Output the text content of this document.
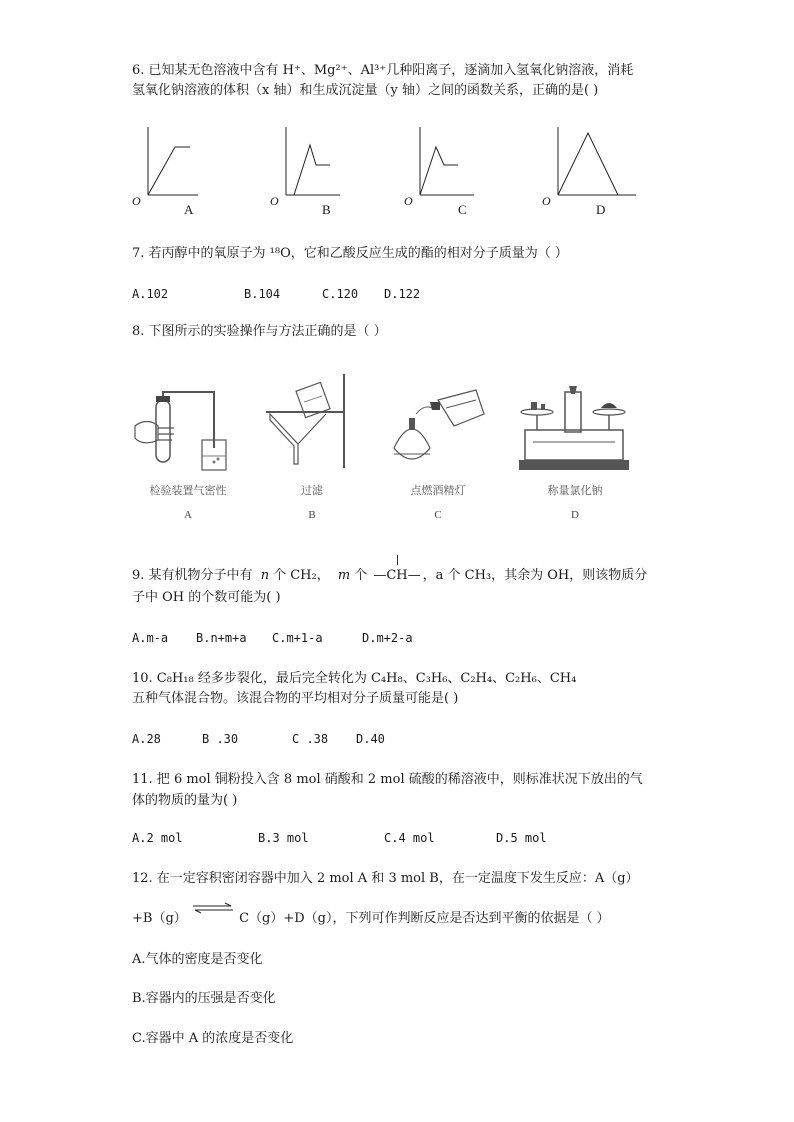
6. 已知某无色溶液中含有 H⁺、Mg²⁺、Al³⁺几种阳离子，逐滴加入氢氧化钠溶液，消耗
氢氧化钠溶液的体积（x 轴）和生成沉淀量（y 轴）之间的函数关系，正确的是( )
O
A
O
B
O
C
O
D
7. 若丙醇中的氧原子为 ¹⁸O，它和乙酸反应生成的酯的相对分子质量为（ ）
A.102	B.104	C.120 D.122
8. 下图所示的实验操作与方法正确的是（ ）
检验装置气密性
A
过滤
B
点燃酒精灯
C
称量氯化钠
D
9. 某有机物分子中有 n 个 CH₂， m 个 —CH— ，a 个 CH₃，其余为 OH，则该物质分
子中 OH 的个数可能为( )
A.m-a B.n+m+a C.m+1-a	D.m+2-a
10. C₈H₁₈ 经多步裂化，最后完全转化为 C₄H₈、C₃H₆、C₂H₄、C₂H₆、CH₄
五种气体混合物。该混合物的平均相对分子质量可能是( )
A.28	B .30	C .38 D.40
11. 把 6 mol 铜粉投入含 8 mol 硝酸和 2 mol 硫酸的稀溶液中，则标准状况下放出的气
体的物质的量为( )
A.2 mol	B.3 mol	C.4 mol	D.5 mol
12. 在一定容积密闭容器中加入 2 mol A 和 3 mol B，在一定温度下发生反应：A（g）
+B（g） ⇌ C（g）+D（g），下列可作判断反应是否达到平衡的依据是（ ）
A.气体的密度是否变化
B.容器内的压强是否变化
C.容器中 A 的浓度是否变化
